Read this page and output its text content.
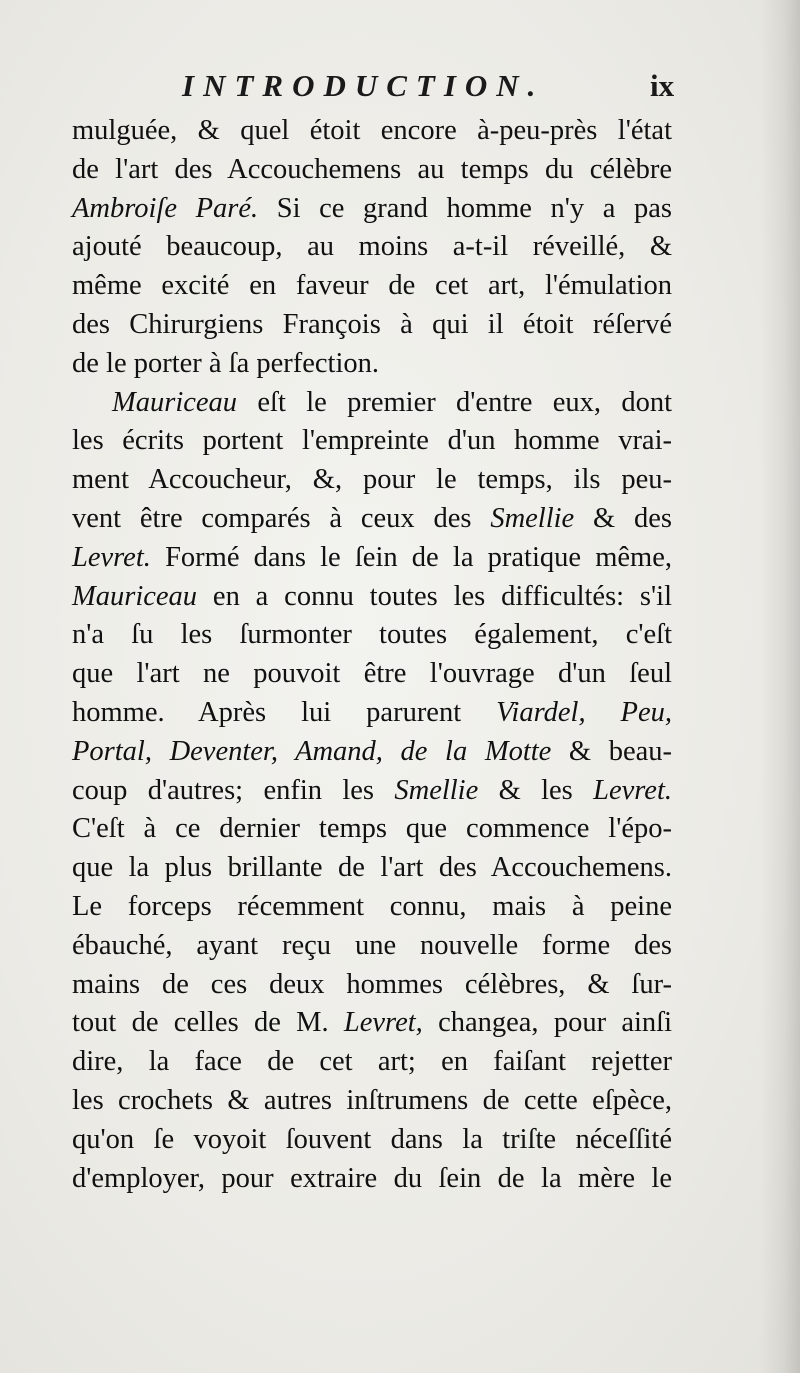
INTRODUCTION.	ix
mulguée, & quel étoit encore à-peu-près l'état
de l'art des Accouchemens au temps du célèbre
Ambroiſe Paré. Si ce grand homme n'y a pas
ajouté beaucoup, au moins a-t-il réveillé, &
même excité en faveur de cet art, l'émulation
des Chirurgiens François à qui il étoit réſervé
de le porter à ſa perfection.
Mauriceau eſt le premier d'entre eux, dont
les écrits portent l'empreinte d'un homme vrai-
ment Accoucheur, &, pour le temps, ils peu-
vent être comparés à ceux des Smellie & des
Levret. Formé dans le ſein de la pratique même,
Mauriceau en a connu toutes les difficultés: s'il
n'a ſu les ſurmonter toutes également, c'eſt
que l'art ne pouvoit être l'ouvrage d'un ſeul
homme. Après lui parurent Viardel, Peu,
Portal, Deventer, Amand, de la Motte & beau-
coup d'autres; enfin les Smellie & les Levret.
C'eſt à ce dernier temps que commence l'épo-
que la plus brillante de l'art des Accouchemens.
Le forceps récemment connu, mais à peine
ébauché, ayant reçu une nouvelle forme des
mains de ces deux hommes célèbres, & ſur-
tout de celles de M. Levret, changea, pour ainſi
dire, la face de cet art; en faiſant rejetter
les crochets & autres inſtrumens de cette eſpèce,
qu'on ſe voyoit ſouvent dans la triſte néceſſité
d'employer, pour extraire du ſein de la mère le
